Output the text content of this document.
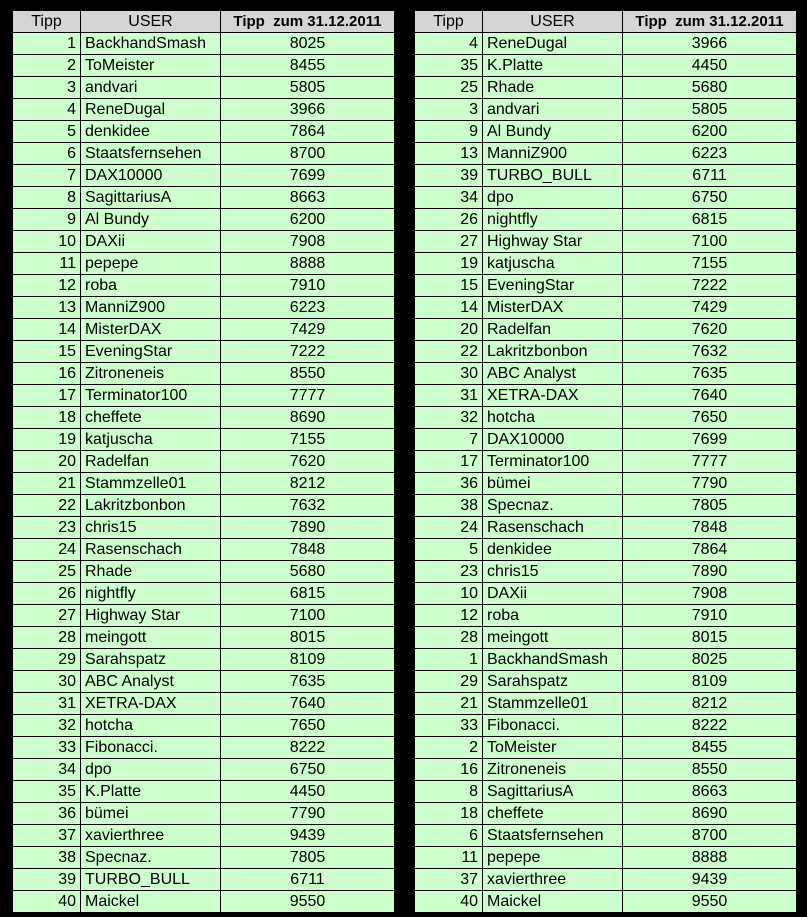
Tipp	USER	Tipp  zum 31.12.2011
1	BackhandSmash	8025
2	ToMeister	8455
3	andvari	5805
4	ReneDugal	3966
5	denkidee	7864
6	Staatsfernsehen	8700
7	DAX10000	7699
8	SagittariusA	8663
9	Al Bundy	6200
10	DAXii	7908
11	pepepe	8888
12	roba	7910
13	ManniZ900	6223
14	MisterDAX	7429
15	EveningStar	7222
16	Zitroneneis	8550
17	Terminator100	7777
18	cheffete	8690
19	katjuscha	7155
20	Radelfan	7620
21	Stammzelle01	8212
22	Lakritzbonbon	7632
23	chris15	7890
24	Rasenschach	7848
25	Rhade	5680
26	nightfly	6815
27	Highway Star	7100
28	meingott	8015
29	Sarahspatz	8109
30	ABC Analyst	7635
31	XETRA-DAX	7640
32	hotcha	7650
33	Fibonacci.	8222
34	dpo	6750
35	K.Platte	4450
36	bümei	7790
37	xavierthree	9439
38	Specnaz.	7805
39	TURBO_BULL	6711
40	Maickel	9550
Tipp	USER	Tipp  zum 31.12.2011
4	ReneDugal	3966
35	K.Platte	4450
25	Rhade	5680
3	andvari	5805
9	Al Bundy	6200
13	ManniZ900	6223
39	TURBO_BULL	6711
34	dpo	6750
26	nightfly	6815
27	Highway Star	7100
19	katjuscha	7155
15	EveningStar	7222
14	MisterDAX	7429
20	Radelfan	7620
22	Lakritzbonbon	7632
30	ABC Analyst	7635
31	XETRA-DAX	7640
32	hotcha	7650
7	DAX10000	7699
17	Terminator100	7777
36	bümei	7790
38	Specnaz.	7805
24	Rasenschach	7848
5	denkidee	7864
23	chris15	7890
10	DAXii	7908
12	roba	7910
28	meingott	8015
1	BackhandSmash	8025
29	Sarahspatz	8109
21	Stammzelle01	8212
33	Fibonacci.	8222
2	ToMeister	8455
16	Zitroneneis	8550
8	SagittariusA	8663
18	cheffete	8690
6	Staatsfernsehen	8700
11	pepepe	8888
37	xavierthree	9439
40	Maickel	9550
